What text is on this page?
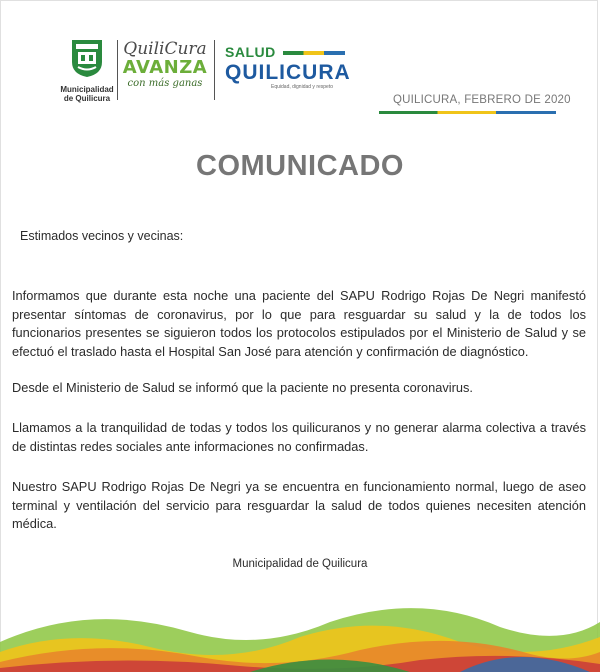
Municipalidad de Quilicura
QuiliCura
AVANZA
con más ganas
SALUD
QUILICURA
Equidad, dignidad y respeto
QUILICURA, FEBRERO DE 2020
COMUNICADO
Estimados vecinos y vecinas:
Informamos que durante esta noche una paciente del SAPU Rodrigo Rojas De Negri manifestó presentar síntomas de coronavirus, por lo que para resguardar su salud y la de todos los funcionarios presentes se siguieron todos los protocolos estipulados por el Ministerio de Salud y se efectuó el traslado hasta el Hospital San José para atención y confirmación de diagnóstico.
Desde el Ministerio de Salud se informó que la paciente no presenta coronavirus.
Llamamos a la tranquilidad de todas y todos los quilicuranos y no generar alarma colectiva a través de distintas redes sociales ante informaciones no confirmadas.
Nuestro SAPU Rodrigo Rojas De Negri ya se encuentra en funcionamiento normal, luego de aseo terminal y ventilación del servicio para resguardar la salud de todos quienes necesiten atención médica.
Municipalidad de Quilicura
